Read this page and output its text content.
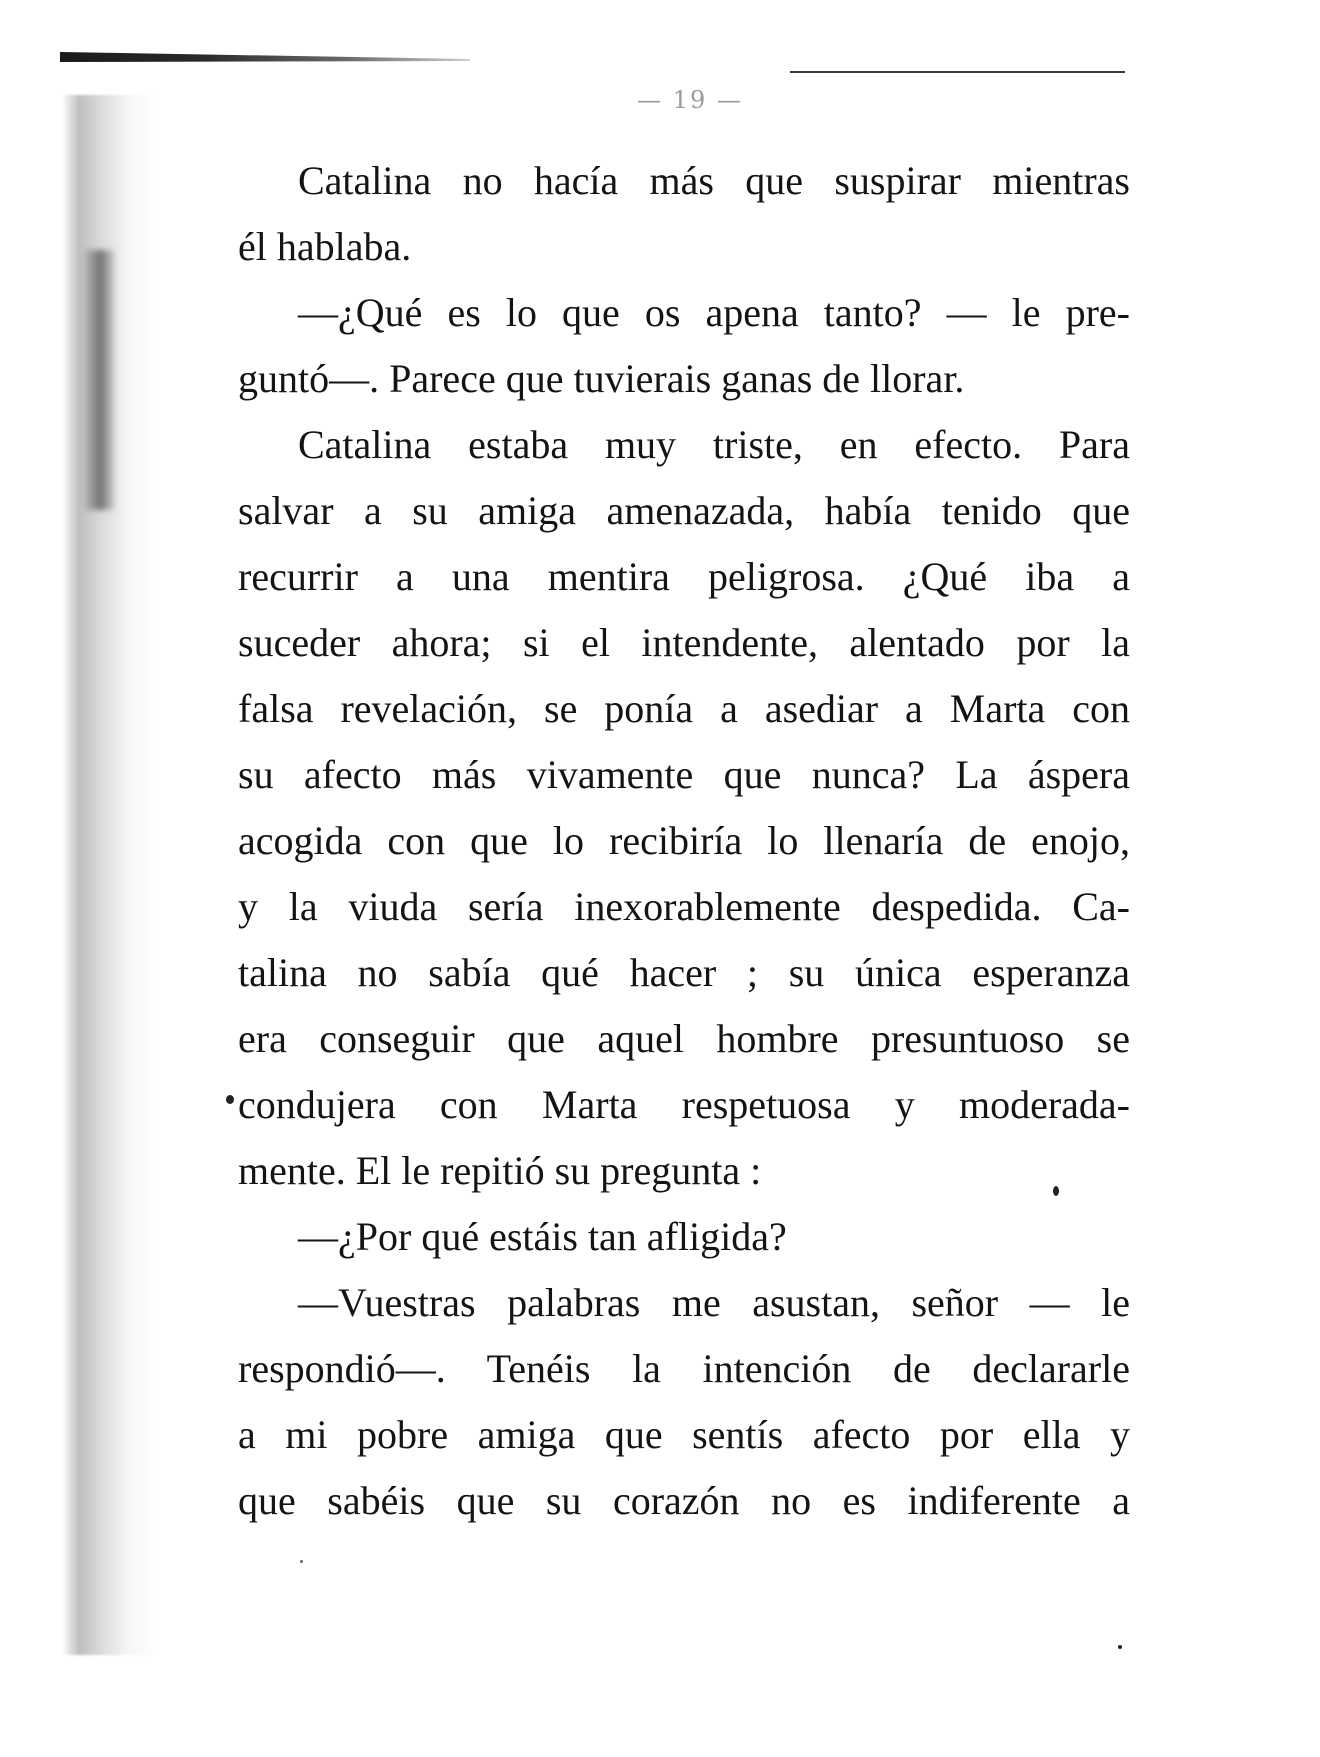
— 19 —
Catalina no hacía más que suspirar mientras
él hablaba.
—¿Qué es lo que os apena tanto? — le pre-
guntó—. Parece que tuvierais ganas de llorar.
Catalina estaba muy triste, en efecto. Para
salvar a su amiga amenazada, había tenido que
recurrir a una mentira peligrosa. ¿Qué iba a
suceder ahora; si el intendente, alentado por la
falsa revelación, se ponía a asediar a Marta con
su afecto más vivamente que nunca? La áspera
acogida con que lo recibiría lo llenaría de enojo,
y la viuda sería inexorablemente despedida. Ca-
talina no sabía qué hacer ; su única esperanza
era conseguir que aquel hombre presuntuoso se
condujera con Marta respetuosa y moderada-
mente. El le repitió su pregunta :
—¿Por qué estáis tan afligida?
—Vuestras palabras me asustan, señor — le
respondió—. Tenéis la intención de declararle
a mi pobre amiga que sentís afecto por ella y
que sabéis que su corazón no es indiferente a
